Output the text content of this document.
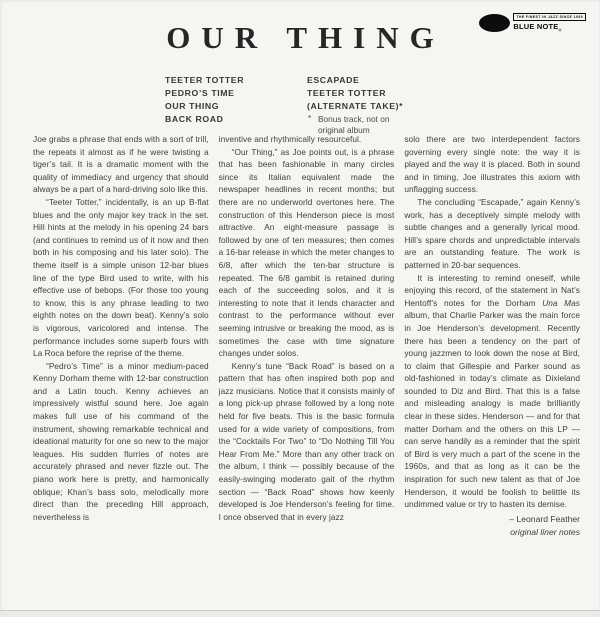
THE FINEST IN JAZZ SINCE 1939
BLUE $NOTE_®$
OUR THING
TEETER TOTTER
PEDRO’S TIME
OUR THING
BACK ROAD
ESCAPADE
TEETER TOTTER
(ALTERNATE TAKE)*
* Bonus track, not on original album

Joe grabs a phrase that ends with a sort of trill, the repeats it almost as if he were twisting a tiger’s tail. It is a dramatic moment with the quality of immediacy and urgency that should always be a part of a hard-driving solo like this.

“Teeter Totter,” incidentally, is an up B-flat blues and the only major key track in the set. Hill hints at the melody in his opening 24 bars (and continues to remind us of it now and then both in his composing and his later solo). The theme itself is a simple unison 12-bar blues line of the type Bird used to write, with his effective use of bebops. (For those too young to know, this is any phrase leading to two eighth notes on the down beat). Kenny’s solo is vigorous, varicolored and intense. The performance includes some superb fours with La Roca before the reprise of the theme.

“Pedro’s Time” is a minor medium-paced Kenny Dorham theme with 12-bar construction and a Latin touch. Kenny achieves an impressively wistful sound here. Joe again makes full use of his command of the instrument, showing remarkable technical and ideational maturity for one so new to the major leagues. His sudden flurries of notes are accurately phrased and never fizzle out. The piano work here is pretty, and harmonically oblique; Khan’s bass solo, melodically more direct than the preceding Hill approach, nevertheless is

inventive and rhythmically resourceful.

“Our Thing,” as Joe points out, is a phrase that has been fashionable in many circles since its Italian equivalent made the newspaper headlines in recent months; but there are no underworld overtones here. The construction of this Henderson piece is most attractive. An eight-measure passage is followed by one of ten measures; then comes a 16-bar release in which the meter changes to 6/8, after which the ten-bar structure is repeated. The 6/8 gambit is retained during each of the succeeding solos, and it is interesting to note that it lends character and contrast to the performance without ever seeming intrusive or breaking the mood, as is sometimes the case with time signature changes under solos.

Kenny’s tune “Back Road” is based on a pattern that has often inspired both pop and jazz musicians. Notice that it consists mainly of a long pick-up phrase followed by a long note held for five beats. This is the basic formula used for a wide variety of compositions, from the “Cocktails For Two” to “Do Nothing Till You Hear From Me.” More than any other track on the album, I think — possibly because of the easily-swinging moderato gait of the rhythm section — “Back Road” shows how keenly developed is Joe Henderson’s feeling for time. I once observed that in every jazz

solo there are two interdependent factors governing every single note: the way it is played and the way it is placed. Both in sound and in timing, Joe illustrates this axiom with unflagging success.

The concluding “Escapade,” again Kenny’s work, has a deceptively simple melody with subtle changes and a generally lyrical mood. Hill’s spare chords and unpredictable intervals are an outstanding feature. The work is patterned in 20-bar sequences.

It is interesting to remind oneself, while enjoying this record, of the statement in Nat’s Hentoff’s notes for the Dorham Una Mas album, that Charlie Parker was the main force in Joe Henderson’s development. Recently there has been a tendency on the part of young jazzmen to look down the nose at Bird, to claim that Gillespie and Parker sound as old-fashioned in today’s climate as Dixieland sounded to Diz and Bird. That this is a false and misleading analogy is made brilliantly clear in these sides. Henderson — and for that matter Dorham and the others on this LP — can serve handily as a reminder that the spirit of Bird is very much a part of the scene in the 1960s, and that as long as it can be the inspiration for such new talent as that of Joe Henderson, it would be foolish to belittle its undimmed value or try to hasten its demise.

– Leonard Feather
original liner notes
